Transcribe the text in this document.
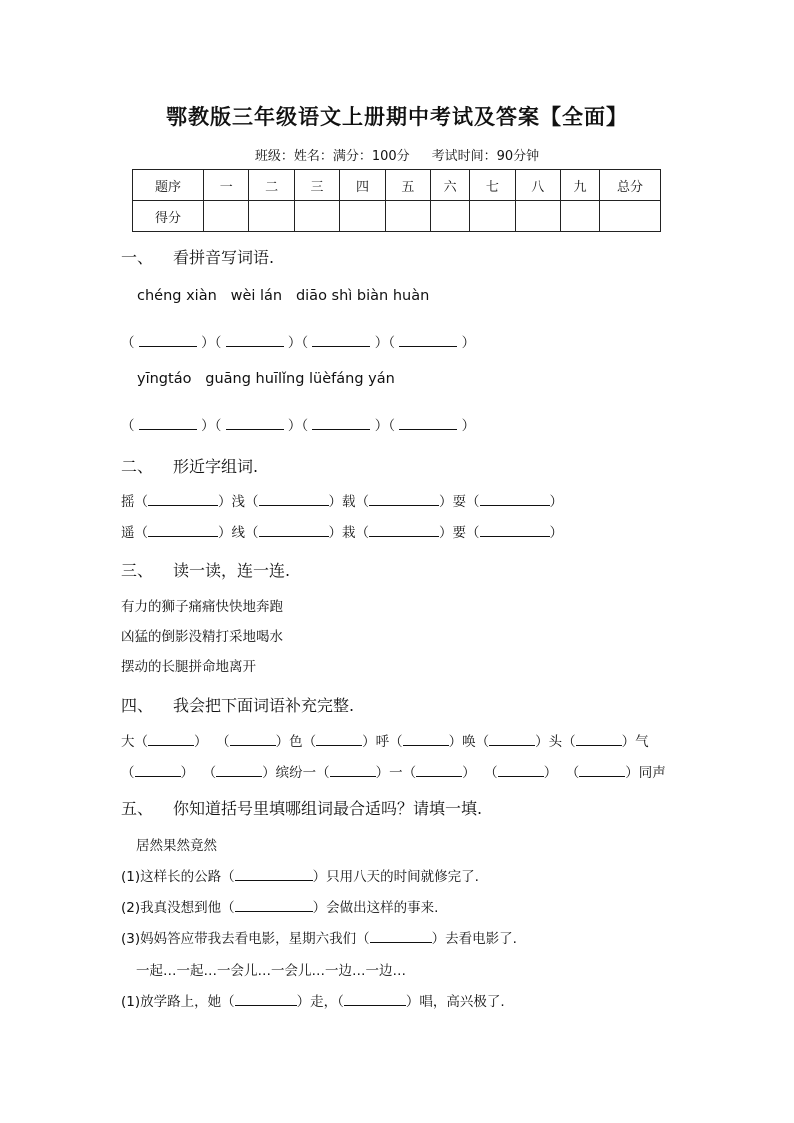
鄂教版三年级语文上册期中考试及答案【全面】
班级：姓名：满分：100分 考试时间：90分钟
题序	一	二	三	四	五	六	七	八	九	总分
得分										
一、 看拼音写词语.
chéng xiàn   wèi lán   diāo shì biàn huàn
（	）（	）（	）（	）
yīngtáo   guāng huīlǐng lüèfáng yán
（	）（	）（	）（	）
二、 形近字组词.
摇（	）浅（	）载（	）耍（	）
遥（	）线（	）栽（	）要（	）
三、 读一读，连一连.
有力的狮子痛痛快快地奔跑
凶猛的倒影没精打采地喝水
摆动的长腿拼命地离开
四、 我会把下面词语补充完整.
大（	）  （	）色（	）呼（	）唤（	）头（	）气
（	）  （	）缤纷一（	）一（	）  （	）  （	）同声
五、 你知道括号里填哪组词最合适吗？请填一填.
居然果然竟然
(1)这样长的公路（	）只用八天的时间就修完了.
(2)我真没想到他（	）会做出这样的事来.
(3)妈妈答应带我去看电影，星期六我们（	）去看电影了.
一起…一起…一会儿…一会儿…一边…一边…
(1)放学路上，她（	）走，（	）唱，高兴极了.
